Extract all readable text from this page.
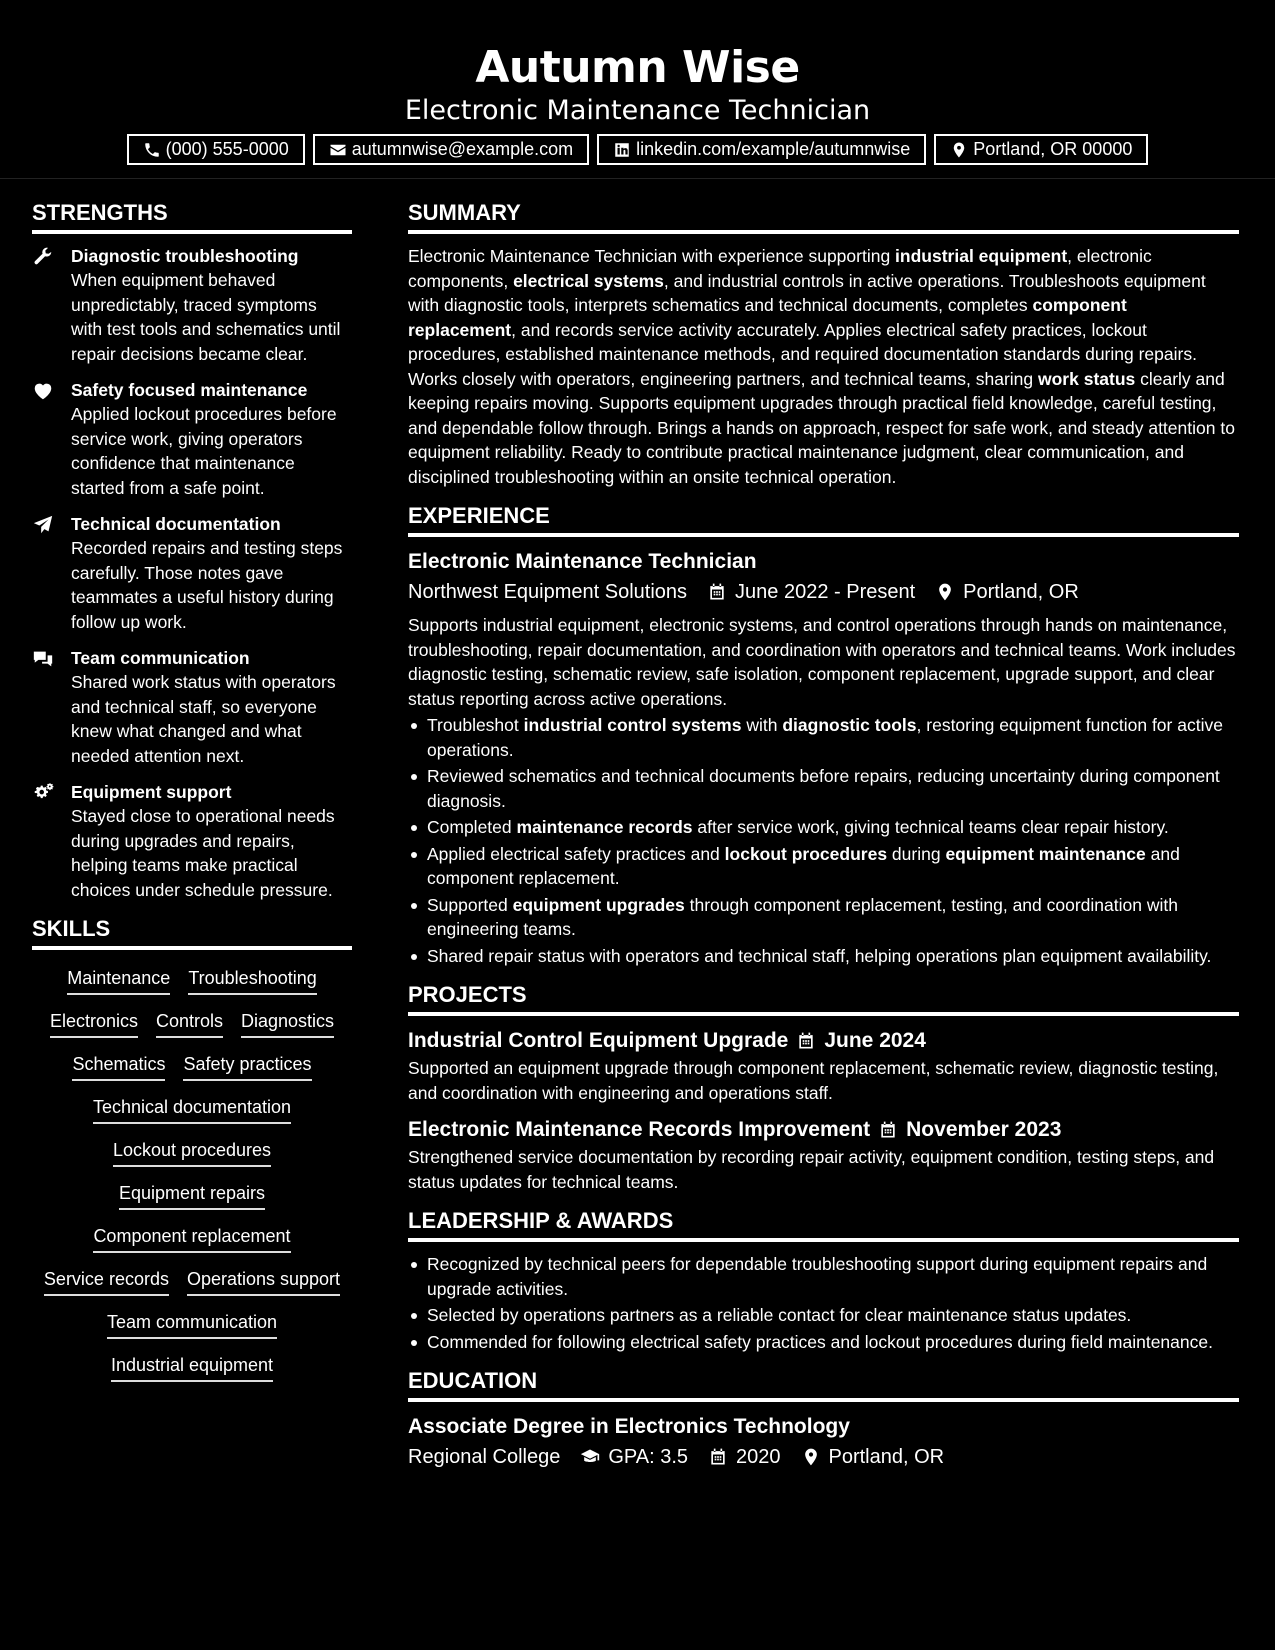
Autumn Wise
Electronic Maintenance Technician
(000) 555-0000	autumnwise@example.com	linkedin.com/example/autumnwise	Portland, OR 00000
STRENGTHS
Diagnostic troubleshooting
When equipment behaved unpredictably, traced symptoms with test tools and schematics until repair decisions became clear.
Safety focused maintenance
Applied lockout procedures before service work, giving operators confidence that maintenance started from a safe point.
Technical documentation
Recorded repairs and testing steps carefully. Those notes gave teammates a useful history during follow up work.
Team communication
Shared work status with operators and technical staff, so everyone knew what changed and what needed attention next.
Equipment support
Stayed close to operational needs during upgrades and repairs, helping teams make practical choices under schedule pressure.
SKILLS
Maintenance Troubleshooting
Electronics Controls Diagnostics
Schematics Safety practices
Technical documentation
Lockout procedures
Equipment repairs
Component replacement
Service records Operations support
Team communication
Industrial equipment
SUMMARY

Electronic Maintenance Technician with experience supporting industrial equipment, electronic components, electrical systems, and industrial controls in active operations. Troubleshoots equipment with diagnostic tools, interprets schematics and technical documents, completes component replacement, and records service activity accurately. Applies electrical safety practices, lockout procedures, established maintenance methods, and required documentation standards during repairs. Works closely with operators, engineering partners, and technical teams, sharing work status clearly and keeping repairs moving. Supports equipment upgrades through practical field knowledge, careful testing, and dependable follow through. Brings a hands on approach, respect for safe work, and steady attention to equipment reliability. Ready to contribute practical maintenance judgment, clear communication, and disciplined troubleshooting within an onsite technical operation.

EXPERIENCE
Electronic Maintenance Technician
Northwest Equipment Solutions June 2022 - Present Portland, OR

Supports industrial equipment, electronic systems, and control operations through hands on maintenance, troubleshooting, repair documentation, and coordination with operators and technical teams. Work includes diagnostic testing, schematic review, safe isolation, component replacement, upgrade support, and clear status reporting across active operations.

Troubleshot industrial control systems with diagnostic tools, restoring equipment function for active operations.
Reviewed schematics and technical documents before repairs, reducing uncertainty during component diagnosis.
Completed maintenance records after service work, giving technical teams clear repair history.
Applied electrical safety practices and lockout procedures during equipment maintenance and component replacement.
Supported equipment upgrades through component replacement, testing, and coordination with engineering teams.
Shared repair status with operators and technical staff, helping operations plan equipment availability.
PROJECTS
Industrial Control Equipment Upgrade June 2024

Supported an equipment upgrade through component replacement, schematic review, diagnostic testing, and coordination with engineering and operations staff.

Electronic Maintenance Records Improvement November 2023

Strengthened service documentation by recording repair activity, equipment condition, testing steps, and status updates for technical teams.

LEADERSHIP & AWARDS
Recognized by technical peers for dependable troubleshooting support during equipment repairs and upgrade activities.
Selected by operations partners as a reliable contact for clear maintenance status updates.
Commended for following electrical safety practices and lockout procedures during field maintenance.
EDUCATION
Associate Degree in Electronics Technology
Regional College GPA: 3.5 2020 Portland, OR
